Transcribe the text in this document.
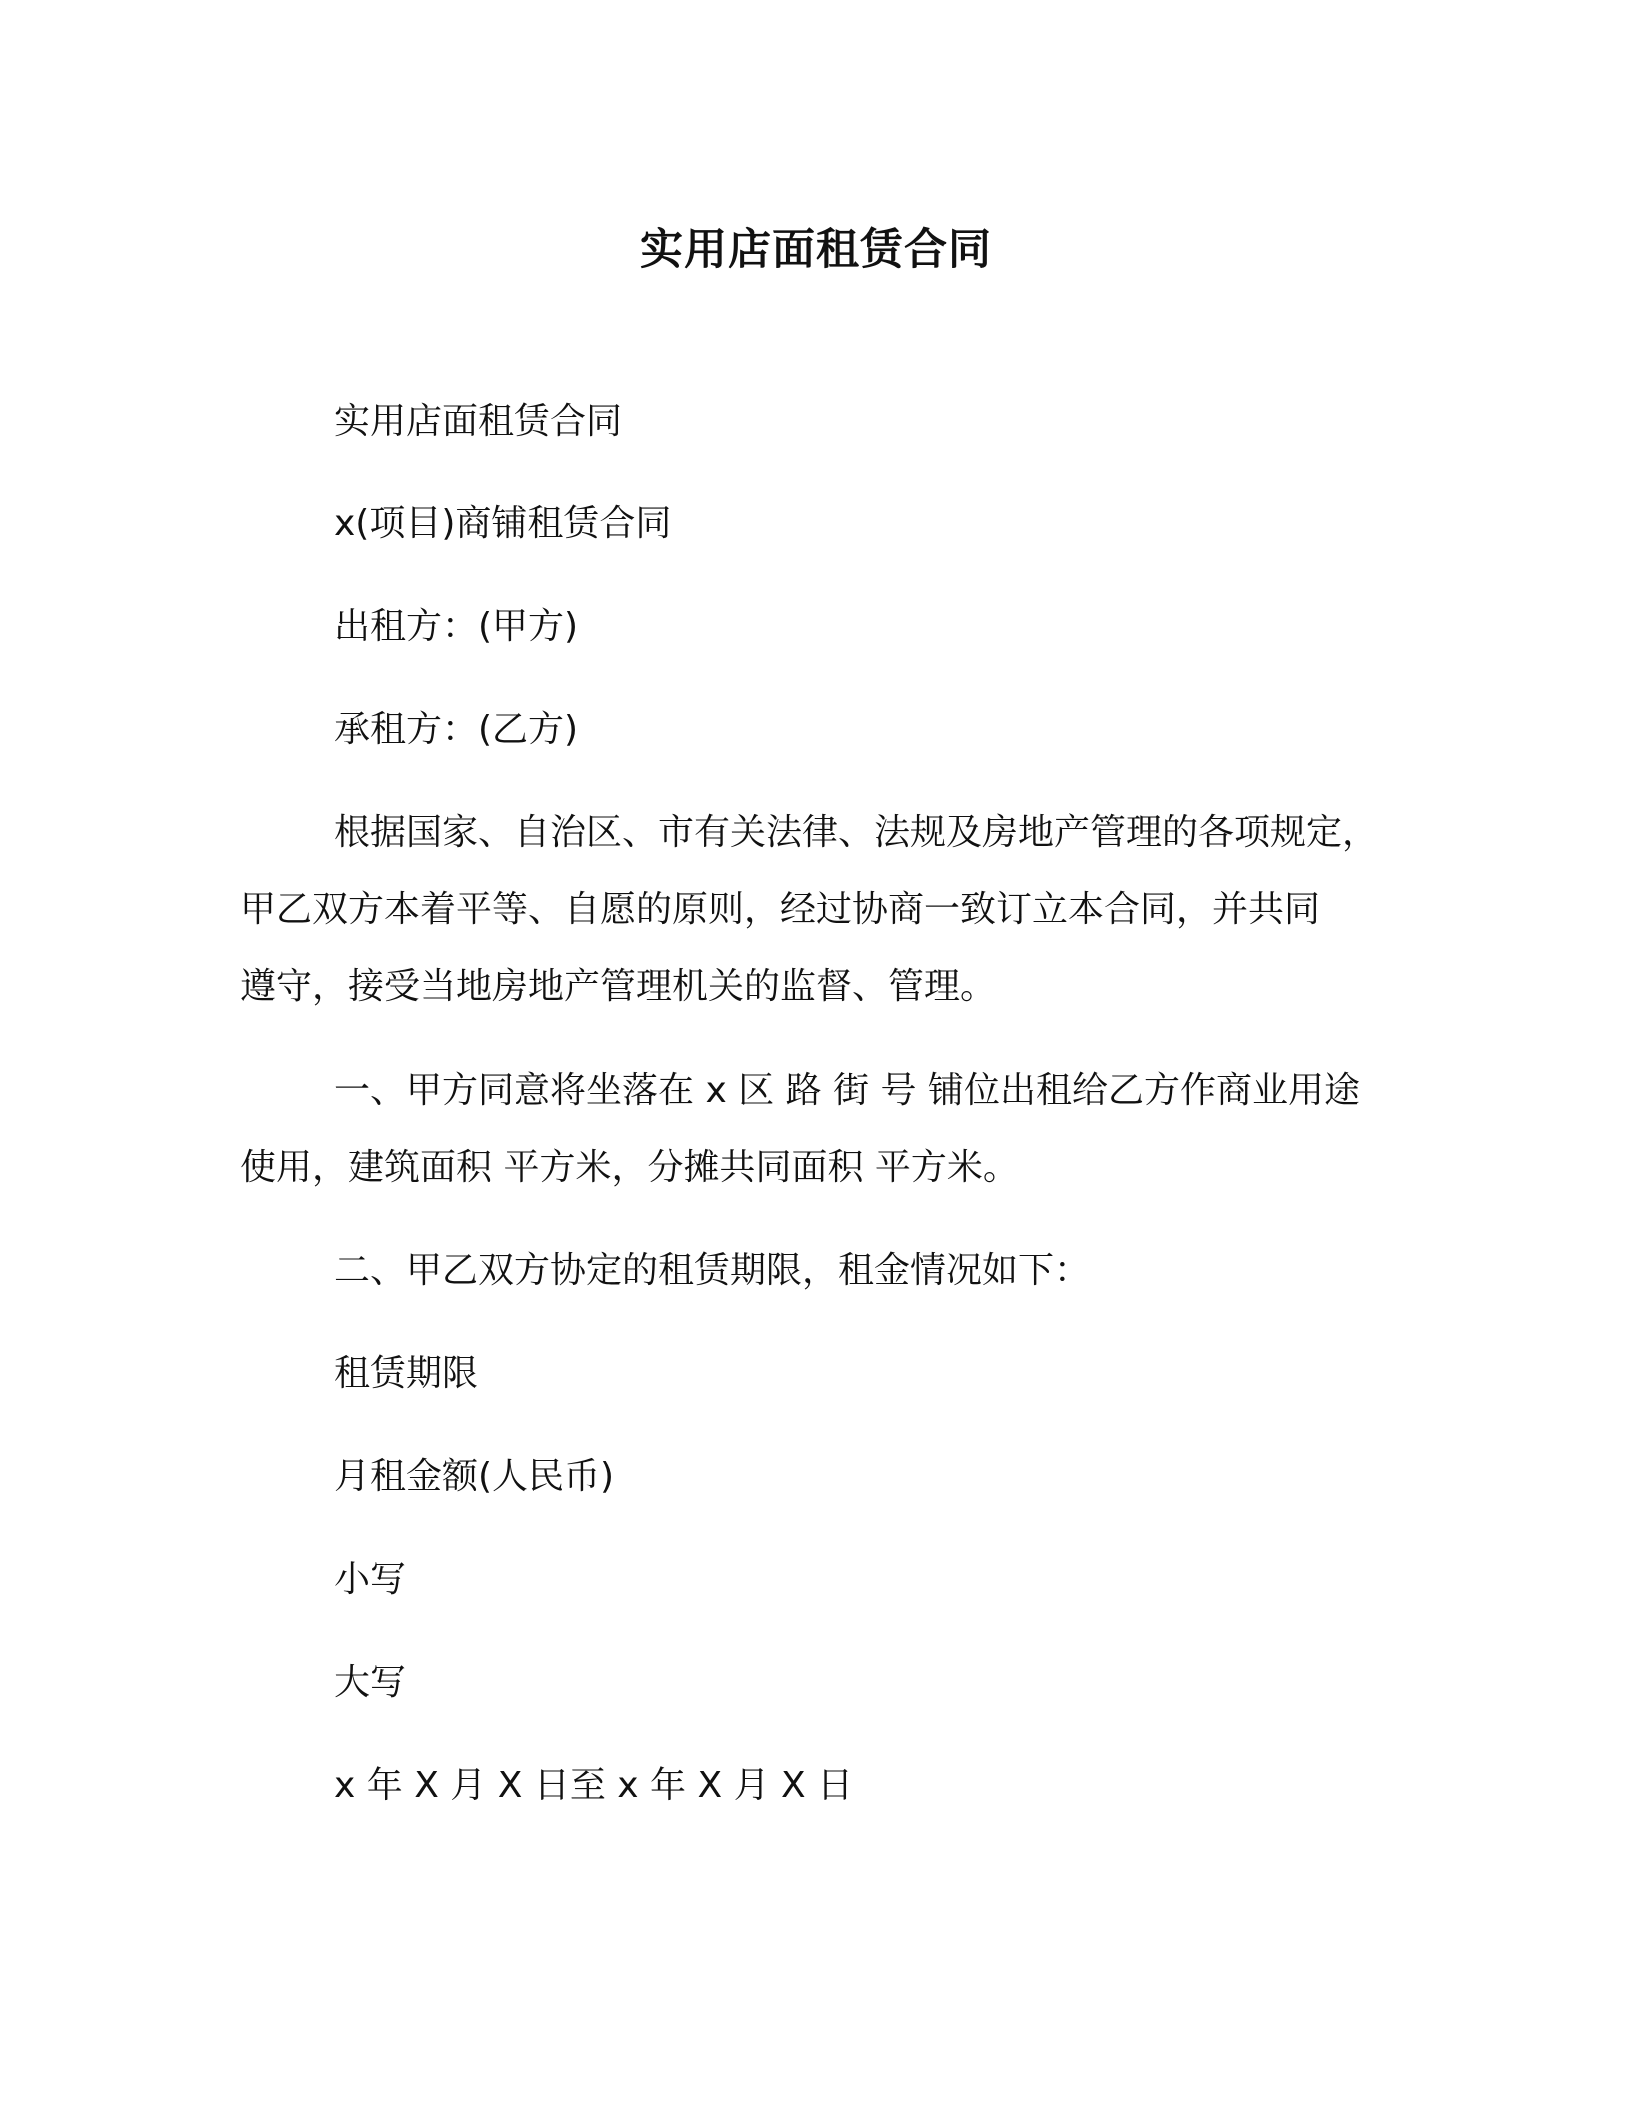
实用店面租赁合同
实用店面租赁合同
x(项目)商铺租赁合同
出租方：(甲方)
承租方：(乙方)
根据国家、自治区、市有关法律、法规及房地产管理的各项规定，
甲乙双方本着平等、自愿的原则，经过协商一致订立本合同，并共同
遵守，接受当地房地产管理机关的监督、管理。
一、甲方同意将坐落在 x 区 路 街 号 铺位出租给乙方作商业用途
使用，建筑面积 平方米，分摊共同面积 平方米。
二、甲乙双方协定的租赁期限，租金情况如下：
租赁期限
月租金额(人民币)
小写
大写
x 年 X 月 X 日至 x 年 X 月 X 日
